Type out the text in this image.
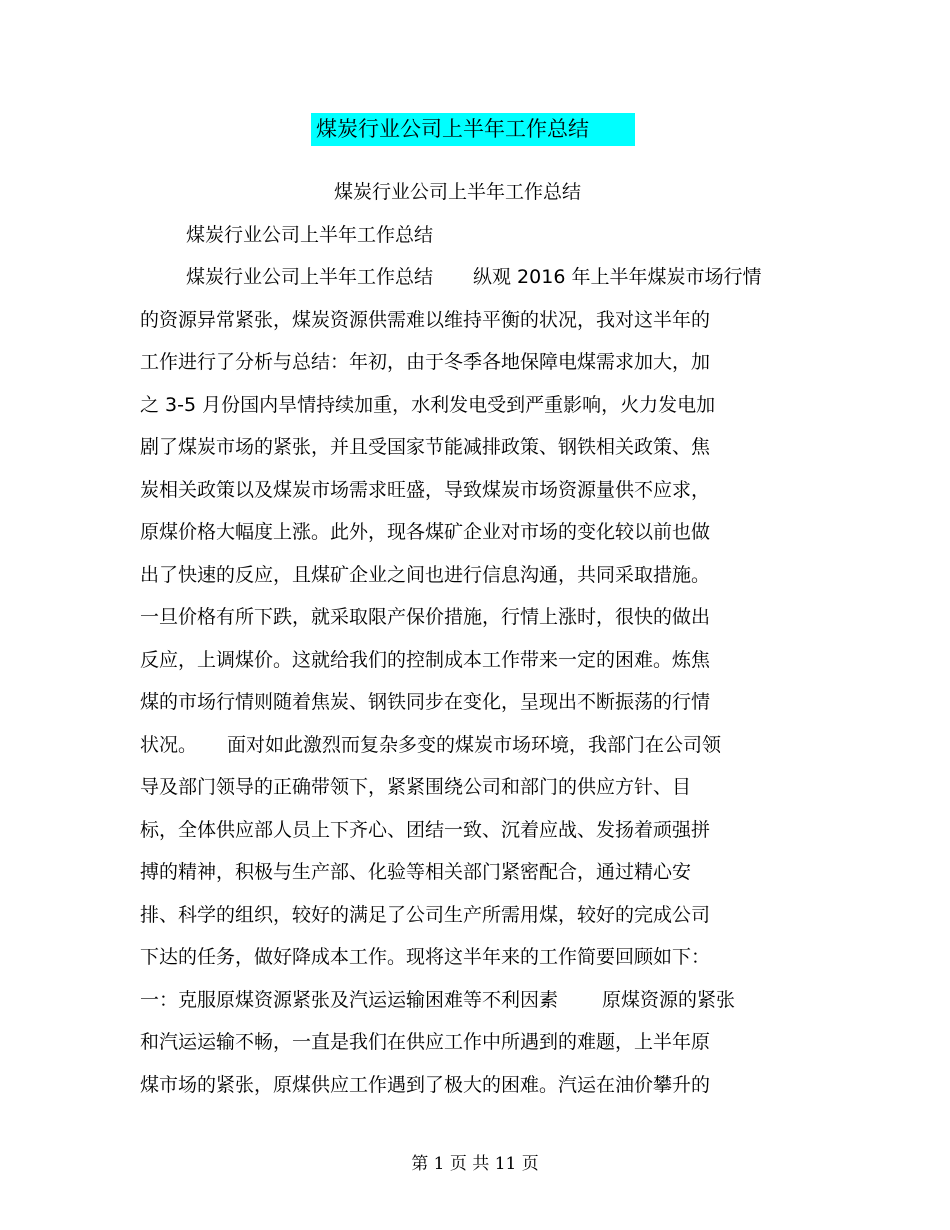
煤炭行业公司上半年工作总结
煤炭行业公司上半年工作总结
煤炭行业公司上半年工作总结
煤炭行业公司上半年工作总结 纵观 2016 年上半年煤炭市场行情
的资源异常紧张，煤炭资源供需难以维持平衡的状况，我对这半年的
工作进行了分析与总结：年初，由于冬季各地保障电煤需求加大，加
之 3-5 月份国内旱情持续加重，水利发电受到严重影响，火力发电加
剧了煤炭市场的紧张，并且受国家节能减排政策、钢铁相关政策、焦
炭相关政策以及煤炭市场需求旺盛，导致煤炭市场资源量供不应求，
原煤价格大幅度上涨。此外，现各煤矿企业对市场的变化较以前也做
出了快速的反应，且煤矿企业之间也进行信息沟通，共同采取措施。
一旦价格有所下跌，就采取限产保价措施，行情上涨时，很快的做出
反应，上调煤价。这就给我们的控制成本工作带来一定的困难。炼焦
煤的市场行情则随着焦炭、钢铁同步在变化，呈现出不断振荡的行情
状况。 面对如此激烈而复杂多变的煤炭市场环境，我部门在公司领
导及部门领导的正确带领下，紧紧围绕公司和部门的供应方针、目
标，全体供应部人员上下齐心、团结一致、沉着应战、发扬着顽强拼
搏的精神，积极与生产部、化验等相关部门紧密配合，通过精心安
排、科学的组织，较好的满足了公司生产所需用煤，较好的完成公司
下达的任务，做好降成本工作。现将这半年来的工作简要回顾如下：
一：克服原煤资源紧张及汽运运输困难等不利因素 原煤资源的紧张
和汽运运输不畅，一直是我们在供应工作中所遇到的难题，上半年原
煤市场的紧张，原煤供应工作遇到了极大的困难。汽运在油价攀升的
第 1 页 共 11 页
